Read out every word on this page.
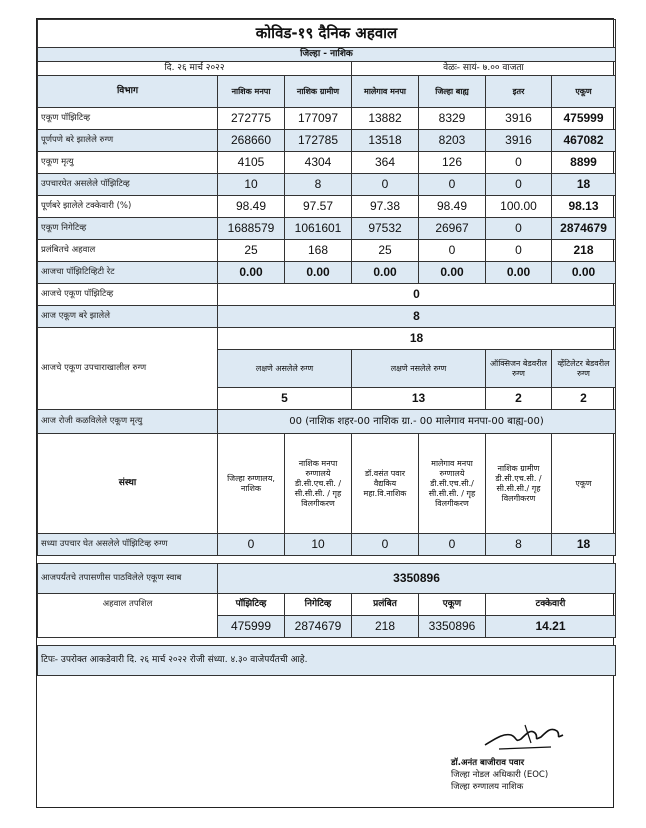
कोविड-१९ दैनिक अहवाल						
जिल्हा - नाशिक						
दि. २६ मार्च २०२२			वेळः- सायं- ७.०० वाजता			
विभाग	नाशिक मनपा	नाशिक ग्रामीण	मालेगाव मनपा	जिल्हा बाह्य	इतर	एकूण
एकूण पॉझिटिव्ह	272775	177097	13882	8329	3916	475999
पूर्णपणे बरे झालेले रुग्ण	268660	172785	13518	8203	3916	467082
एकूण मृत्यु	4105	4304	364	126	0	8899
उपचारघेत असलेले पॉझिटिव्ह	10	8	0	0	0	18
पूर्णबरे झालेले टक्केवारी (%)	98.49	97.57	97.38	98.49	100.00	98.13
एकूण निगेटिव्ह	1688579	1061601	97532	26967	0	2874679
प्रलंबितचे अहवाल	25	168	25	0	0	218
आजचा पॉझिटिव्हिटी रेट	0.00	0.00	0.00	0.00	0.00	0.00
आजचे एकूण पॉझिटिव्ह	0					
आज एकूण बरे झालेले	8					
आजचे एकूण उपचाराखालील रुग्ण	18					
	लक्षणे असलेले रुग्ण		लक्षणे नसलेले रुग्ण		ऑक्सिजन बेडवरील रुग्ण	व्हेंटिलेटर बेडवरील रुग्ण
	5		13		2	2
आज रोजी कळविलेले एकूण मृत्यु	00 (नाशिक शहर-00 नाशिक ग्रा.- 00 मालेगाव मनपा-00 बाह्य-00)					
संस्था	जिल्हा रुग्णालय, नाशिक	नाशिक मनपा रुग्णालये डी.सी.एच.सी. / सी.सी.सी. / गृह विलगीकरण	डॉ.वसंत पवार वैद्यकिय महा.वि.नाशिक	मालेगाव मनपा रुग्णालये डी.सी.एच.सी./ सी.सी.सी. / गृह विलगीकरण	नाशिक ग्रामीण डी.सी.एच.सी. /सी.सी.सी./ गृह विलगीकरण	एकूण
सध्या उपचार घेत असलेले पॉझिटिव्ह रुग्ण	0	10	0	0	8	18

आजपर्यंतचे तपासणीस पाठविलेले एकूण स्वाब	3350896					
अहवाल तपशिल	पॉझिटिव्ह	निगेटिव्ह	प्रलंबित	एकूण	टक्केवारी	
	475999	2874679	218	3350896	14.21	

टिपः- उपरोक्त आकडेवारी दि. २६ मार्च २०२२ रोजी संध्या. ४.३० वाजेपर्यंतची आहे.						
डॉ.अनंत बाजीराव पवार
जिल्हा नोडल अधिकारी (EOC)
जिल्हा रुग्णालय नाशिक
